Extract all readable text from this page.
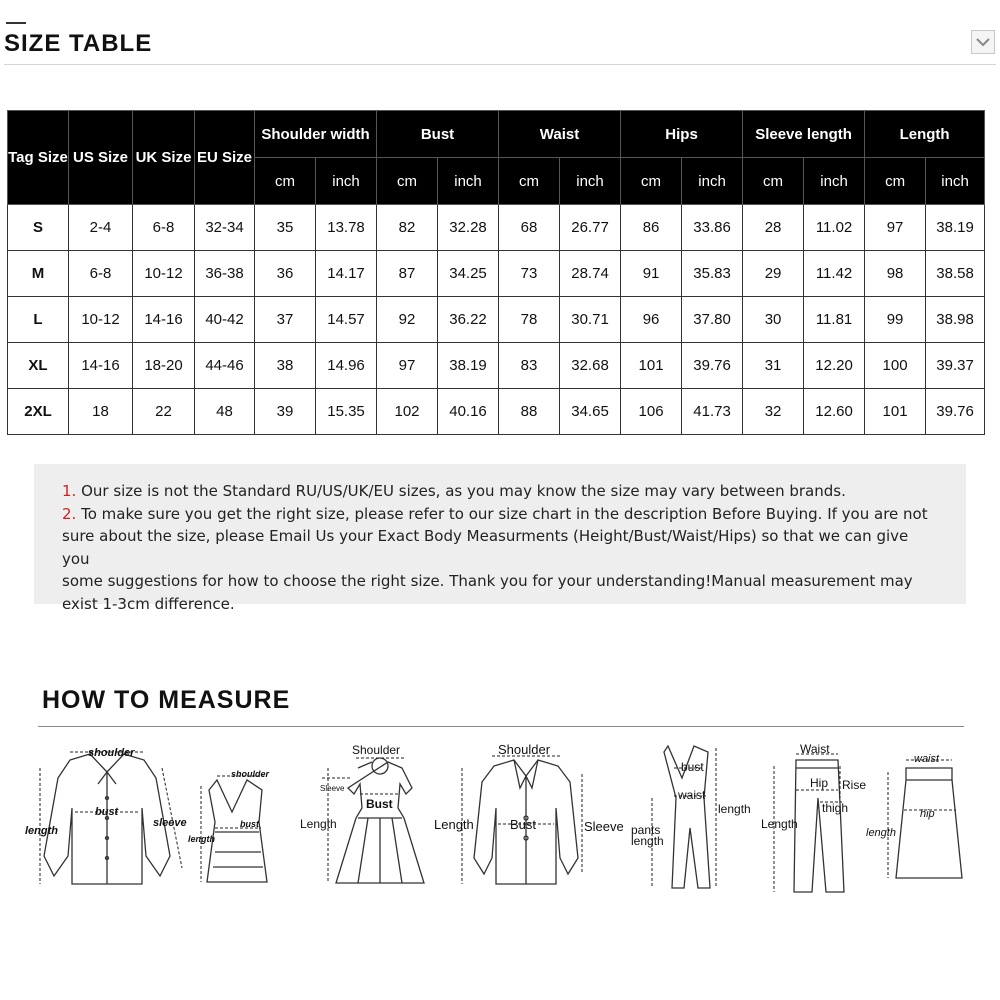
SIZE TABLE
Tag Size	US Size	UK Size	EU Size	Shoulder width		Bust		Waist		Hips		Sleeve length		Length	
				cm	inch	cm	inch	cm	inch	cm	inch	cm	inch	cm	inch
S	2-4	6-8	32-34	35	13.78	82	32.28	68	26.77	86	33.86	28	11.02	97	38.19
M	6-8	10-12	36-38	36	14.17	87	34.25	73	28.74	91	35.83	29	11.42	98	38.58
L	10-12	14-16	40-42	37	14.57	92	36.22	78	30.71	96	37.80	30	11.81	99	38.98
XL	14-16	18-20	44-46	38	14.96	97	38.19	83	32.68	101	39.76	31	12.20	100	39.37
2XL	18	22	48	39	15.35	102	40.16	88	34.65	106	41.73	32	12.60	101	39.76

1. Our size is not the Standard RU/US/UK/EU sizes, as you may know the size may vary between brands.

2. To make sure you get the right size, please refer to our size chart in the description Before Buying. If you are not

sure about the size, please Email Us your Exact Body Measurments (Height/Bust/Waist/Hips) so that we can give you

some suggestions for how to choose the right size. Thank you for your understanding!Manual measurement may

exist 1-3cm difference.

HOW TO MEASURE
shoulder
bust
sleeve
length
shoulder
bust
length
Shoulder
Sleeve
Bust
Length
Shoulder
Length	Bust	Sleeve
bust
waist
length
pants
length
Waist
Hip Rise
thigh
Length
waist
hip
length
